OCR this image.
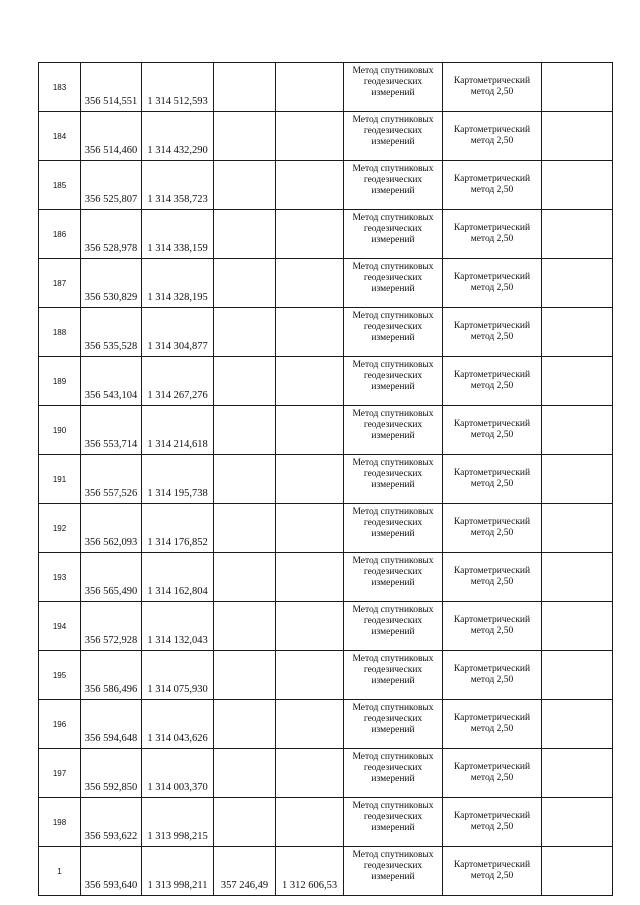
183	356 514,551	1 314 512,593			Метод спутниковых
геодезических
измерений	Картометрический
метод 2,50	

184	356 514,460	1 314 432,290			Метод спутниковых
геодезических
измерений	Картометрический
метод 2,50	

185	356 525,807	1 314 358,723			Метод спутниковых
геодезических
измерений	Картометрический
метод 2,50	

186	356 528,978	1 314 338,159			Метод спутниковых
геодезических
измерений	Картометрический
метод 2,50	

187	356 530,829	1 314 328,195			Метод спутниковых
геодезических
измерений	Картометрический
метод 2,50	

188	356 535,528	1 314 304,877			Метод спутниковых
геодезических
измерений	Картометрический
метод 2,50	

189	356 543,104	1 314 267,276			Метод спутниковых
геодезических
измерений	Картометрический
метод 2,50	

190	356 553,714	1 314 214,618			Метод спутниковых
геодезических
измерений	Картометрический
метод 2,50	

191	356 557,526	1 314 195,738			Метод спутниковых
геодезических
измерений	Картометрический
метод 2,50	

192	356 562,093	1 314 176,852			Метод спутниковых
геодезических
измерений	Картометрический
метод 2,50	

193	356 565,490	1 314 162,804			Метод спутниковых
геодезических
измерений	Картометрический
метод 2,50	

194	356 572,928	1 314 132,043			Метод спутниковых
геодезических
измерений	Картометрический
метод 2,50	

195	356 586,496	1 314 075,930			Метод спутниковых
геодезических
измерений	Картометрический
метод 2,50	

196	356 594,648	1 314 043,626			Метод спутниковых
геодезических
измерений	Картометрический
метод 2,50	

197	356 592,850	1 314 003,370			Метод спутниковых
геодезических
измерений	Картометрический
метод 2,50	

198	356 593,622	1 313 998,215			Метод спутниковых
геодезических
измерений	Картометрический
метод 2,50	

1	356 593,640	1 313 998,211	357 246,49	1 312 606,53	Метод спутниковых
геодезических
измерений	Картометрический
метод 2,50	
